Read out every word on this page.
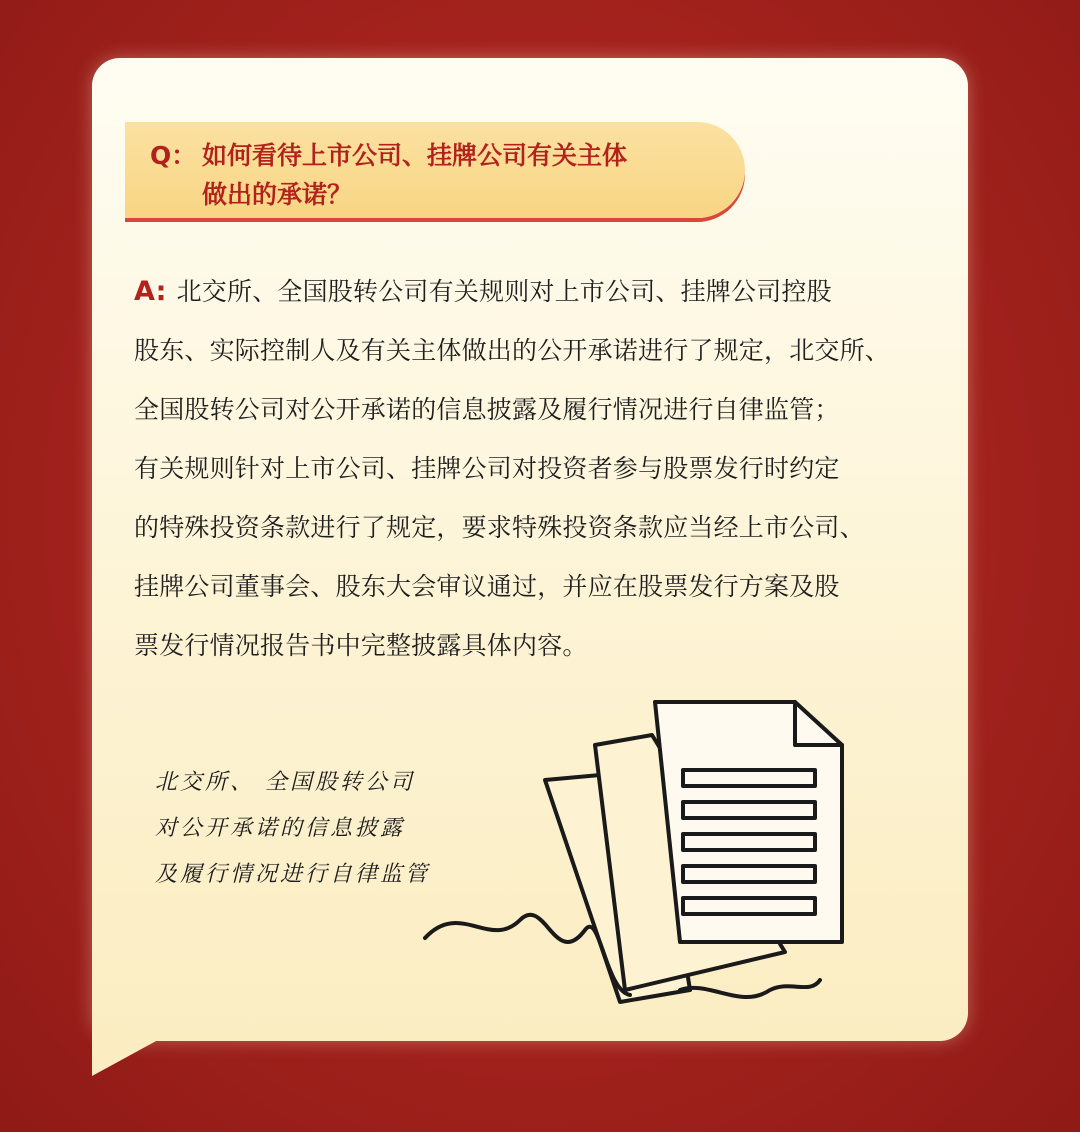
Q： 如何看待上市公司、挂牌公司有关主体
做出的承诺？
A: 北交所、全国股转公司有关规则对上市公司、挂牌公司控股
股东、实际控制人及有关主体做出的公开承诺进行了规定，北交所、
全国股转公司对公开承诺的信息披露及履行情况进行自律监管；
有关规则针对上市公司、挂牌公司对投资者参与股票发行时约定
的特殊投资条款进行了规定，要求特殊投资条款应当经上市公司、
挂牌公司董事会、股东大会审议通过，并应在股票发行方案及股
票发行情况报告书中完整披露具体内容。
北交所、 全国股转公司
对公开承诺的信息披露
及履行情况进行自律监管
